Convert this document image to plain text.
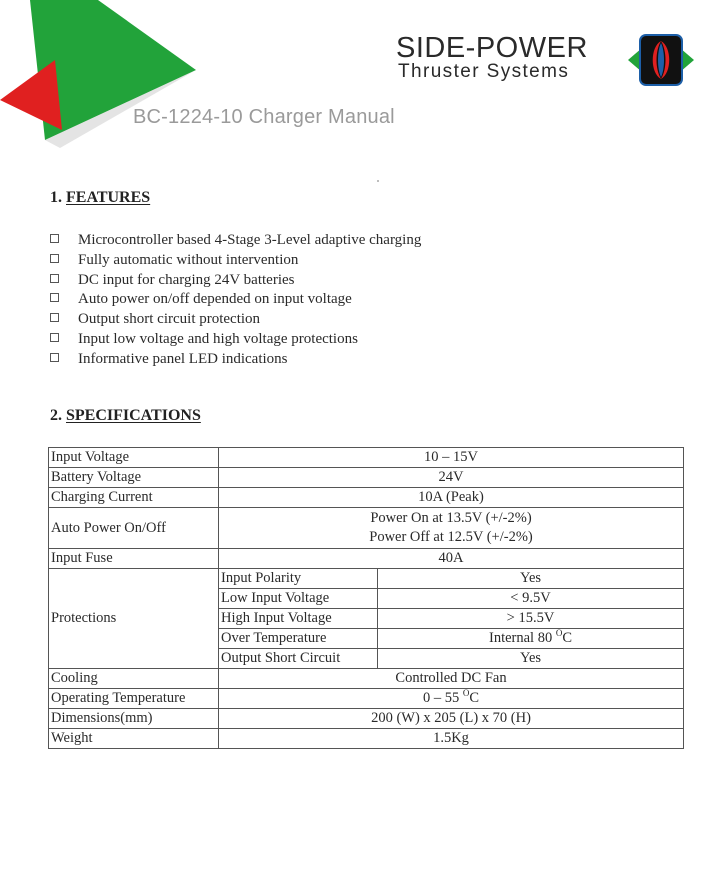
BC-1224-10 Charger Manual
SIDE-POWER
Thruster Systems
1. FEATURES
Microcontroller based 4-Stage 3-Level adaptive charging
Fully automatic without intervention
DC input for charging 24V batteries
Auto power on/off depended on input voltage
Output short circuit protection
Input low voltage and high voltage protections
Informative panel LED indications
2. SPECIFICATIONS
Input Voltage	10 – 15V	
Battery Voltage	24V	
Charging Current	10A (Peak)	
Auto Power On/Off	Power On at 13.5V (+/-2%)
Power Off at 12.5V (+/-2%)	

Input Fuse	40A	
Protections	Input Polarity	Yes
	Low Input Voltage	< 9.5V
	High Input Voltage	> 15.5V
	Over Temperature	Internal 80 $^O$C
	Output Short Circuit	Yes
Cooling	Controlled DC Fan	
Operating Temperature	0 – 55 $^O$C	
Dimensions(mm)	200 (W) x 205 (L) x 70 (H)	
Weight	1.5Kg	
